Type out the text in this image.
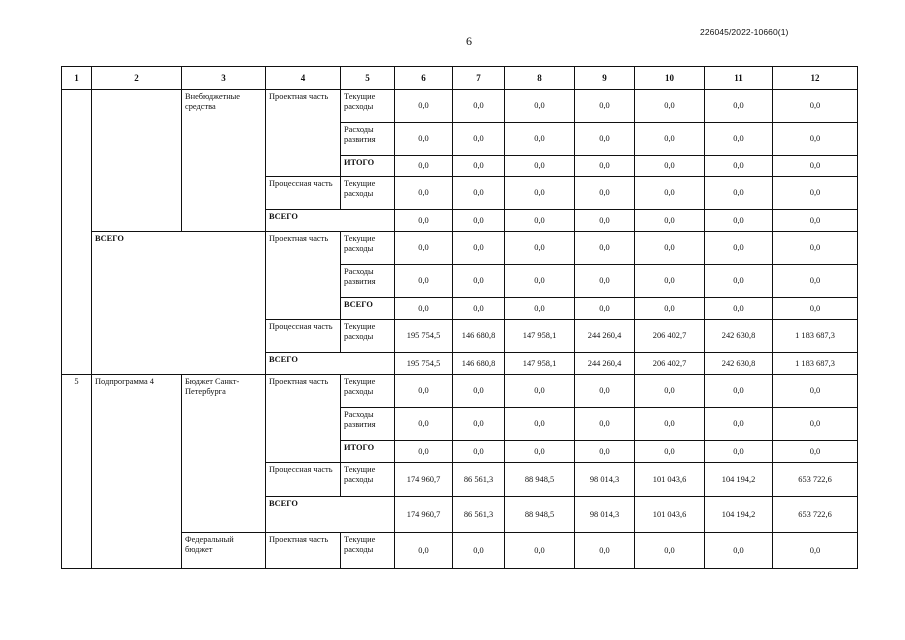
226045/2022-10660(1)
6
1	2	3	4	5	6	7	8	9	10	11	12
		Внебюджетные средства	Проектная часть	Текущие расходы	0,0	0,0	0,0	0,0	0,0	0,0	0,0
				Расходы развития	0,0	0,0	0,0	0,0	0,0	0,0	0,0
				ИТОГО	0,0	0,0	0,0	0,0	0,0	0,0	0,0
			Процессная часть	Текущие расходы	0,0	0,0	0,0	0,0	0,0	0,0	0,0
			ВСЕГО		0,0	0,0	0,0	0,0	0,0	0,0	0,0
	ВСЕГО		Проектная часть	Текущие расходы	0,0	0,0	0,0	0,0	0,0	0,0	0,0
				Расходы развития	0,0	0,0	0,0	0,0	0,0	0,0	0,0
				ВСЕГО	0,0	0,0	0,0	0,0	0,0	0,0	0,0
			Процессная часть	Текущие расходы	195 754,5	146 680,8	147 958,1	244 260,4	206 402,7	242 630,8	1 183 687,3
			ВСЕГО		195 754,5	146 680,8	147 958,1	244 260,4	206 402,7	242 630,8	1 183 687,3
5	Подпрограмма 4	Бюджет Санкт-Петербурга	Проектная часть	Текущие расходы	0,0	0,0	0,0	0,0	0,0	0,0	0,0
				Расходы развития	0,0	0,0	0,0	0,0	0,0	0,0	0,0
				ИТОГО	0,0	0,0	0,0	0,0	0,0	0,0	0,0
			Процессная часть	Текущие расходы	174 960,7	86 561,3	88 948,5	98 014,3	101 043,6	104 194,2	653 722,6
			ВСЕГО		174 960,7	86 561,3	88 948,5	98 014,3	101 043,6	104 194,2	653 722,6
		Федеральный бюджет	Проектная часть	Текущие расходы	0,0	0,0	0,0	0,0	0,0	0,0	0,0
